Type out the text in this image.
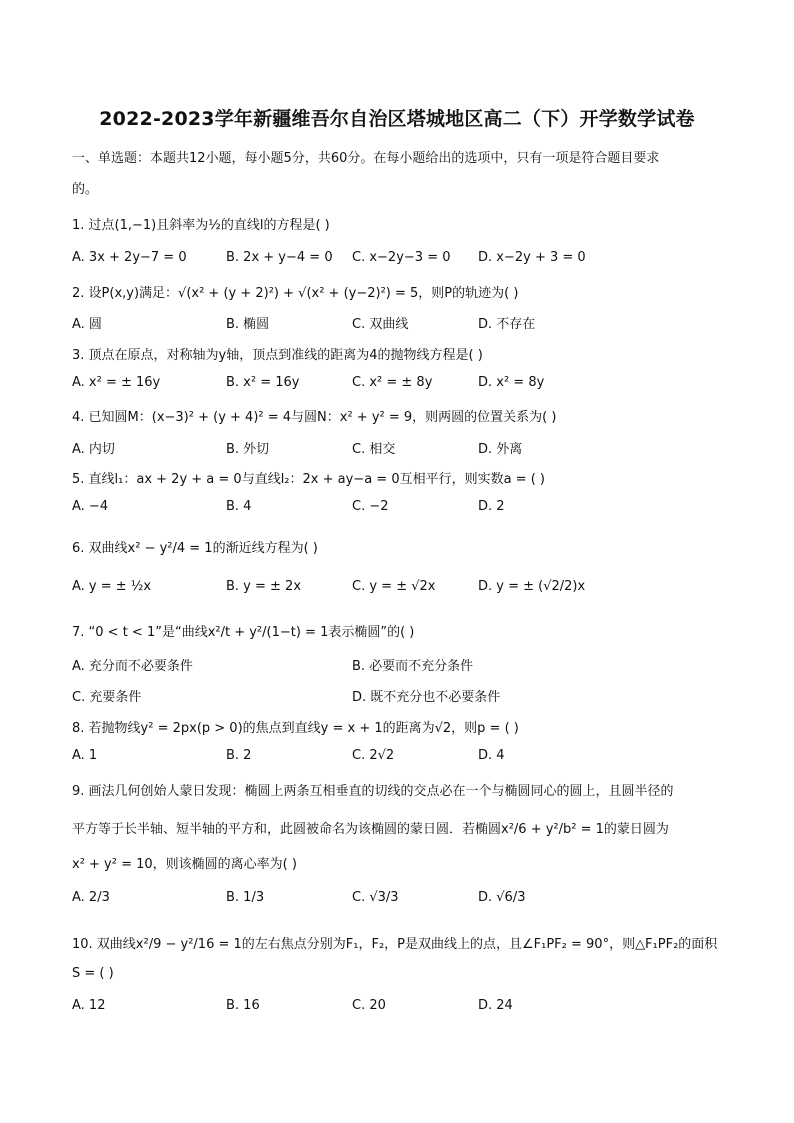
2022-2023学年新疆维吾尔自治区塔城地区高二（下）开学数学试卷
一、单选题：本题共12小题，每小题5分，共60分。在每小题给出的选项中，只有一项是符合题目要求
的。
1. 过点(1,−1)且斜率为½的直线l的方程是( )
A. 3x + 2y−7 = 0	B. 2x + y−4 = 0 C. x−2y−3 = 0 D. x−2y + 3 = 0
2. 设P(x,y)满足：√(x² + (y + 2)²) + √(x² + (y−2)²) = 5，则P的轨迹为( )
A. 圆	B. 椭圆	C. 双曲线	D. 不存在
3. 顶点在原点，对称轴为y轴，顶点到准线的距离为4的抛物线方程是( )
A. x² = ± 16y	B. x² = 16y	C. x² = ± 8y	D. x² = 8y
4. 已知圆M：(x−3)² + (y + 4)² = 4与圆N：x² + y² = 9，则两圆的位置关系为( )
A. 内切	B. 外切	C. 相交	D. 外离
5. 直线l₁：ax + 2y + a = 0与直线l₂：2x + ay−a = 0互相平行，则实数a = ( )
A. −4	B. 4	C. −2	D. 2
6. 双曲线x² − y²/4 = 1的渐近线方程为( )
A. y = ± ½x	B. y = ± 2x	C. y = ± √2x	D. y = ± (√2/2)x
7. “0 < t < 1”是“曲线x²/t + y²/(1−t) = 1表示椭圆”的( )
A. 充分而不必要条件	B. 必要而不充分条件
C. 充要条件	D. 既不充分也不必要条件
8. 若抛物线y² = 2px(p > 0)的焦点到直线y = x + 1的距离为√2，则p = ( )
A. 1	B. 2	C. 2√2	D. 4
9. 画法几何创始人蒙日发现：椭圆上两条互相垂直的切线的交点必在一个与椭圆同心的圆上，且圆半径的
平方等于长半轴、短半轴的平方和，此圆被命名为该椭圆的蒙日圆．若椭圆x²/6 + y²/b² = 1的蒙日圆为
x² + y² = 10，则该椭圆的离心率为( )
A. 2/3	B. 1/3	C. √3/3	D. √6/3
10. 双曲线x²/9 − y²/16 = 1的左右焦点分别为F₁，F₂，P是双曲线上的点，且∠F₁PF₂ = 90°，则△F₁PF₂的面积
S = ( )
A. 12	B. 16	C. 20	D. 24
